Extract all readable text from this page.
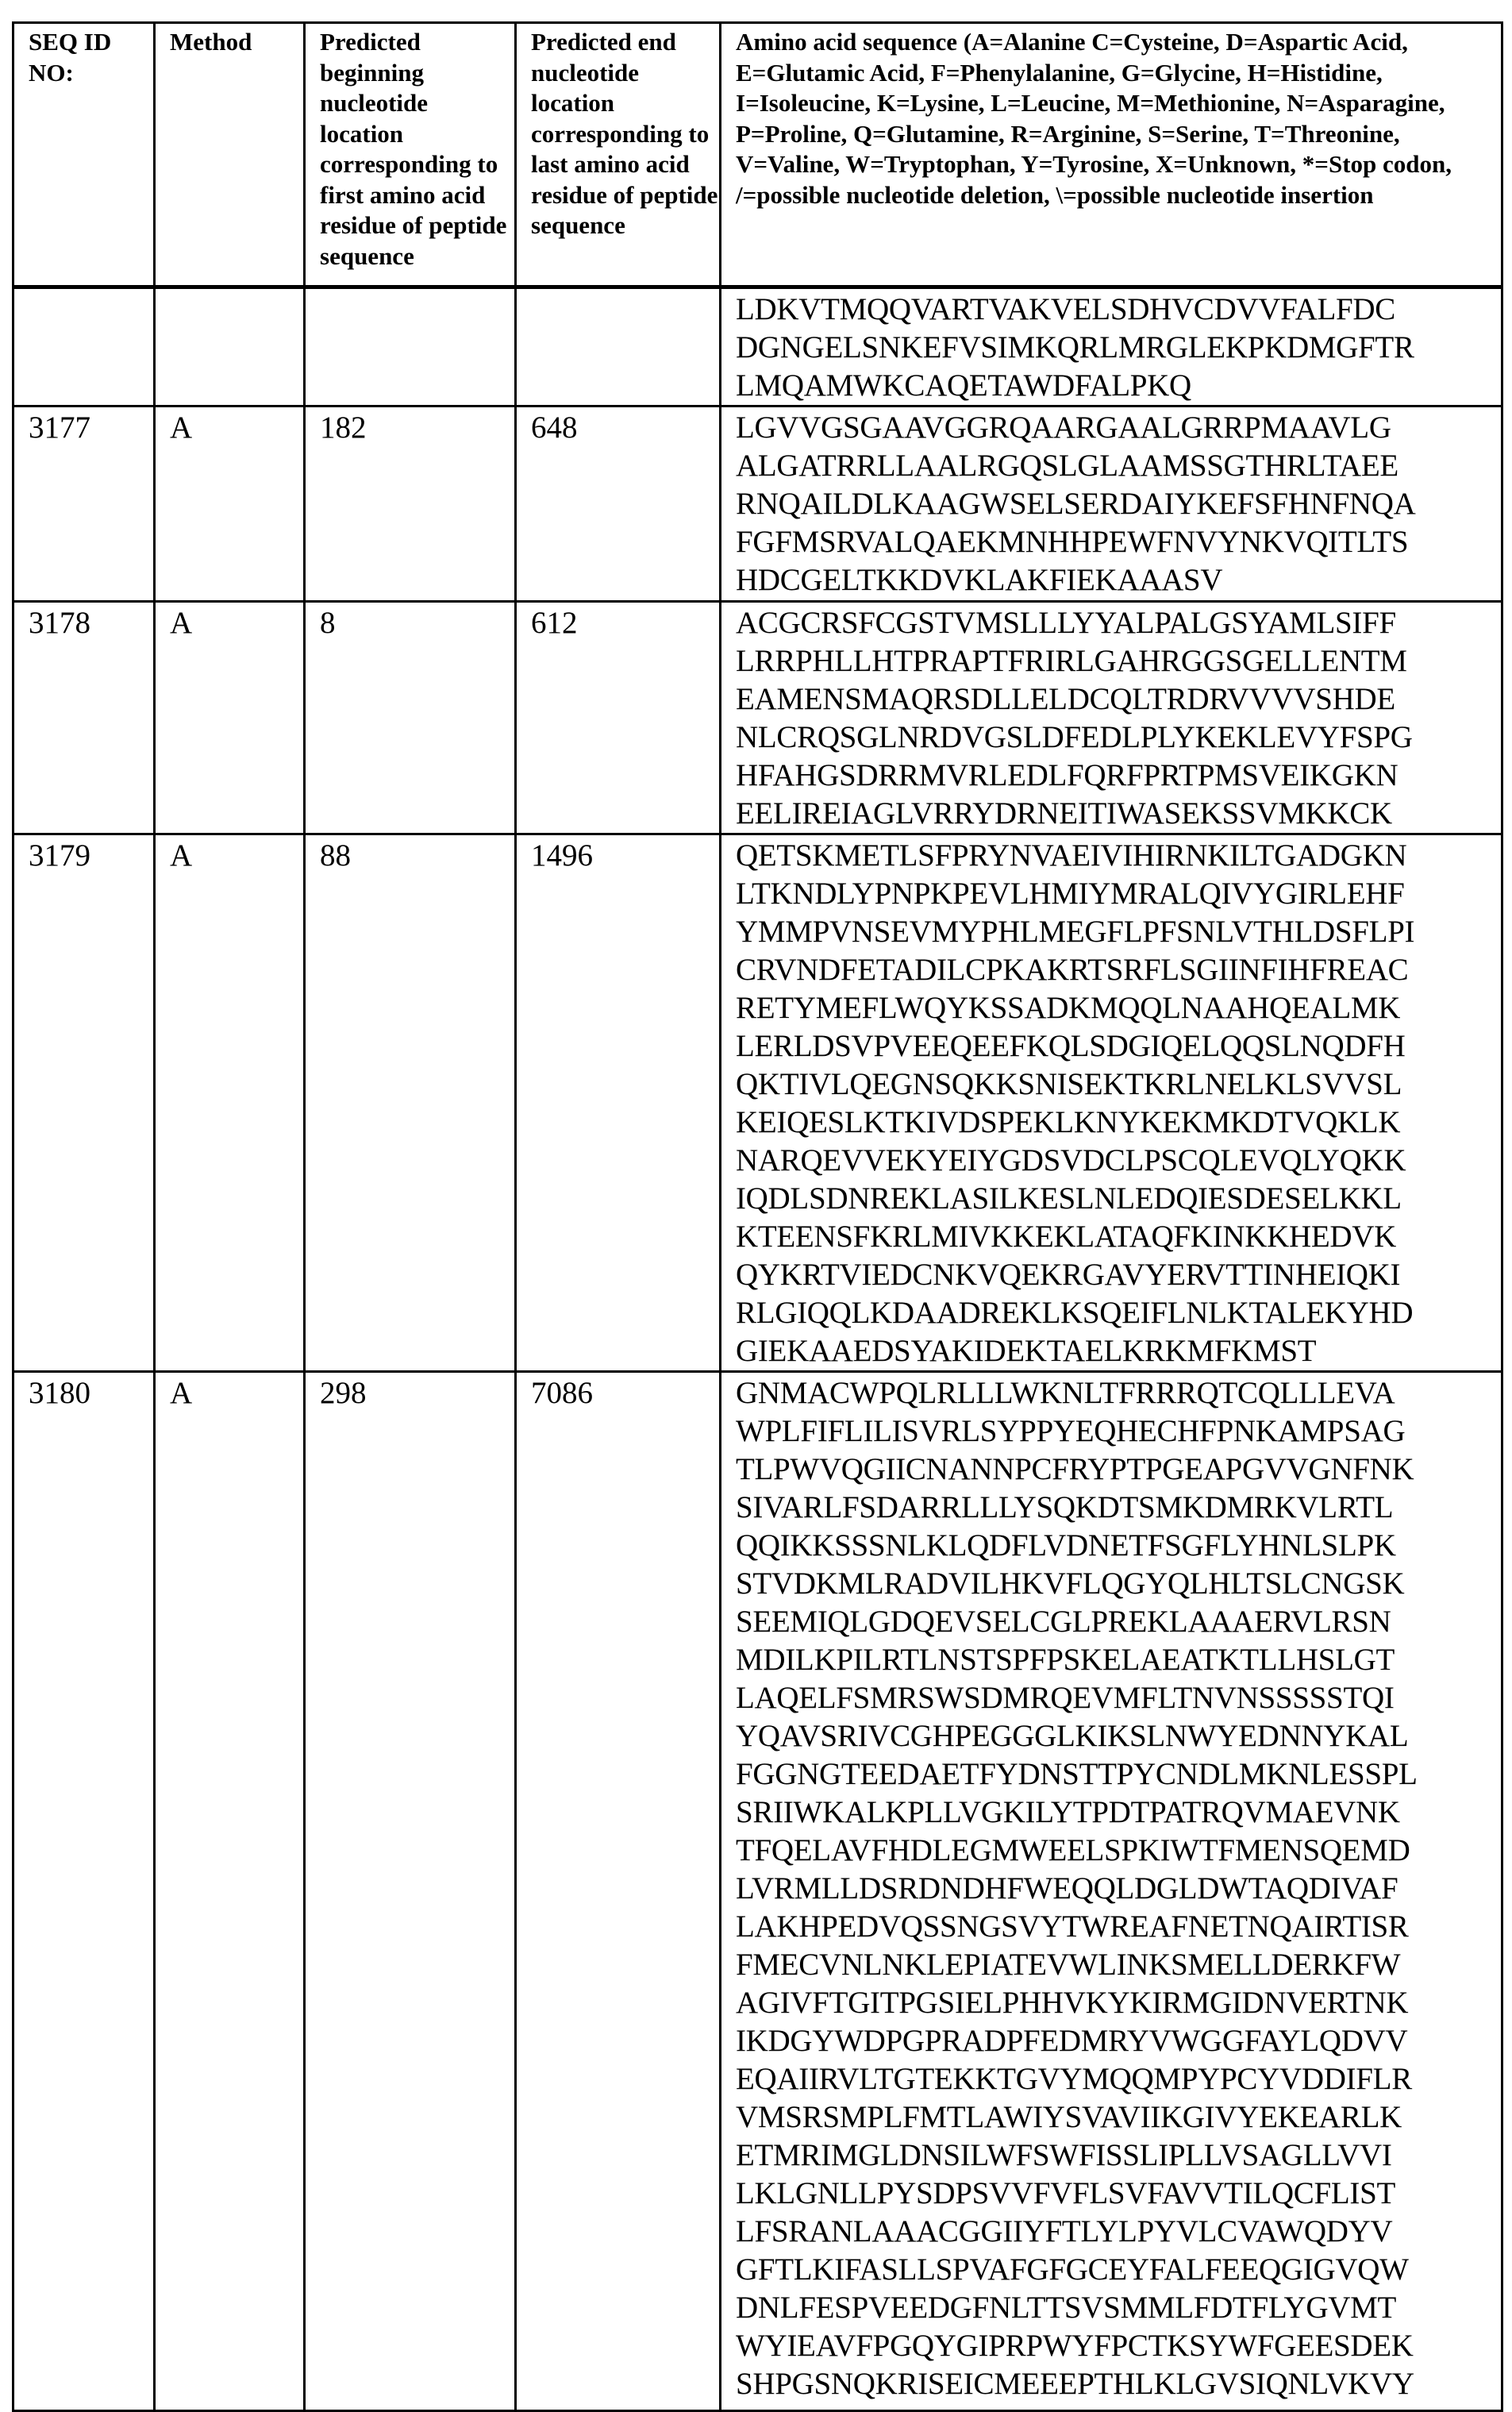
SEQ ID NO:	Method	Predicted beginning nucleotide location corresponding to first amino acid residue of peptide sequence	Predicted end nucleotide location corresponding to last amino acid residue of peptide sequence	Amino acid sequence (A=Alanine C=Cysteine, D=Aspartic Acid, E=Glutamic Acid, F=Phenylalanine, G=Glycine, H=Histidine, I=Isoleucine, K=Lysine, L=Leucine, M=Methionine, N=Asparagine, P=Proline, Q=Glutamine, R=Arginine, S=Serine, T=Threonine, V=Valine, W=Tryptophan, Y=Tyrosine, X=Unknown, *=Stop codon, /=possible nucleotide deletion, \=possible nucleotide insertion

LDKVTMQQVARTVAKVELSDHVCDVVFALFDC
DGNGELSNKEFVSIMKQRLMRGLEKPKDMGFTR
LMQAMWKCAQETAWDFALPKQ

3177	A	182	648	LGVVGSGAAVGGRQAARGAALGRRPMAAVLG
ALGATRRLLAALRGQSLGLAAMSSGTHRLTAEE
RNQAILDLKAAGWSELSERDAIYKEFSFHNFNQA
FGFMSRVALQAEKMNHHPEWFNVYNKVQITLTS
HDCGELTKKDVKLAKFIEKAAASV

3178	A	8	612	ACGCRSFCGSTVMSLLLYYALPALGSYAMLSIFF
LRRPHLLHTPRAPTFRIRLGAHRGGSGELLENTM
EAMENSMAQRSDLLELDCQLTRDRVVVVSHDE
NLCRQSGLNRDVGSLDFEDLPLYKEKLEVYFSPG
HFAHGSDRRMVRLEDLFQRFPRTPMSVEIKGKN
EELIREIAGLVRRYDRNEITIWASEKSSVMKKCK

3179	A	88	1496	QETSKMETLSFPRYNVAEIVIHIRNKILTGADGKN
LTKNDLYPNPKPEVLHMIYMRALQIVYGIRLEHF
YMMPVNSEVMYPHLMEGFLPFSNLVTHLDSFLPI
CRVNDFETADILCPKAKRTSRFLSGIINFIHFREAC
RETYMEFLWQYKSSADKMQQLNAAHQEALMK
LERLDSVPVEEQEEFKQLSDGIQELQQSLNQDFH
QKTIVLQEGNSQKKSNISEKTKRLNELKLSVVSL
KEIQESLKTKIVDSPEKLKNYKEKMKDTVQKLK
NARQEVVEKYEIYGDSVDCLPSCQLEVQLYQKK
IQDLSDNREKLASILKESLNLEDQIESDESELKKL
KTEENSFKRLMIVKKEKLATAQFKINKKHEDVK
QYKRTVIEDCNKVQEKRGAVYERVTTINHEIQKI
RLGIQQLKDAADREKLKSQEIFLNLKTALEKYHD
GIEKAAEDSYAKIDEKTAELKRKMFKMST

3180	A	298	7086	GNMACWPQLRLLLWKNLTFRRRQTCQLLLEVA
WPLFIFLILISVRLSYPPYEQHECHFPNKAMPSAG
TLPWVQGIICNANNPCFRYPTPGEAPGVVGNFNK
SIVARLFSDARRLLLYSQKDTSMKDMRKVLRTL
QQIKKSSSNLKLQDFLVDNETFSGFLYHNLSLPK
STVDKMLRADVILHKVFLQGYQLHLTSLCNGSK
SEEMIQLGDQEVSELCGLPREKLAAAERVLRSN
MDILKPILRTLNSTSPFPSKELAEATKTLLHSLGT
LAQELFSMRSWSDMRQEVMFLTNVNSSSSSTQI
YQAVSRIVCGHPEGGGLKIKSLNWYEDNNYKAL
FGGNGTEEDAETFYDNSTTPYCNDLMKNLESSPL
SRIIWKALKPLLVGKILYTPDTPATRQVMAEVNK
TFQELAVFHDLEGMWEELSPKIWTFMENSQEMD
LVRMLLDSRDNDHFWEQQLDGLDWTAQDIVAF
LAKHPEDVQSSNGSVYTWREAFNETNQAIRTISR
FMECVNLNKLEPIATEVWLINKSMELLDERKFW
AGIVFTGITPGSIELPHHVKYKIRMGIDNVERTNK
IKDGYWDPGPRADPFEDMRYVWGGFAYLQDVV
EQAIIRVLTGTEKKTGVYMQQMPYPCYVDDIFLR
VMSRSMPLFMTLAWIYSVAVIIKGIVYEKEARLK
ETMRIMGLDNSILWFSWFISSLIPLLVSAGLLVVI
LKLGNLLPYSDPSVVFVFLSVFAVVTILQCFLIST
LFSRANLAAACGGIIYFTLYLPYVLCVAWQDYV
GFTLKIFASLLSPVAFGFGCEYFALFEEQGIGVQW
DNLFESPVEEDGFNLTTSVSMMLFDTFLYGVMT
WYIEAVFPGQYGIPRPWYFPCTKSYWFGEESDEK
SHPGSNQKRISEICMEEEPTHLKLGVSIQNLVKVY
